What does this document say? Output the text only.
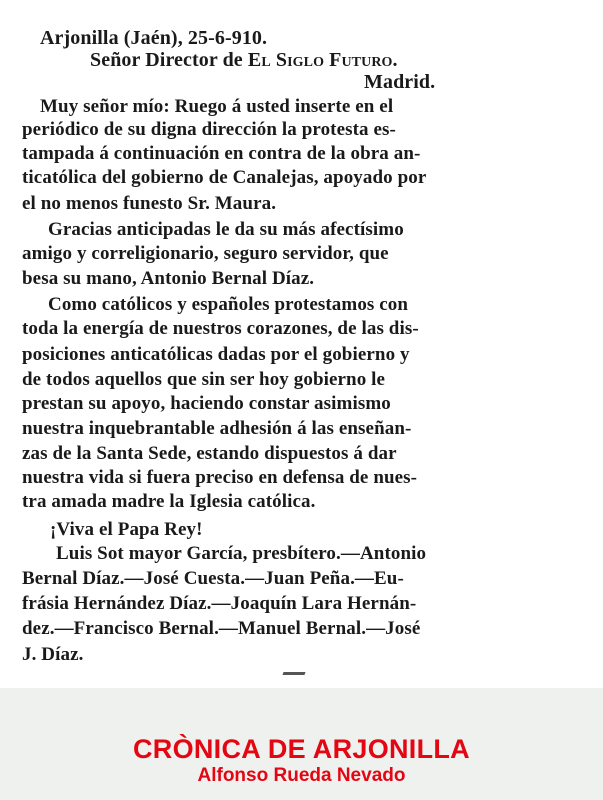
Arjonilla (Jaén), 25-6-910.
Señor Director de El Siglo Futuro.
Madrid.
Muy señor mío: Ruego á usted inserte en el
periódico de su digna dirección la protesta es-
tampada á continuación en contra de la obra an-
ticatólica del gobierno de Canalejas, apoyado por
el no menos funesto Sr. Maura.
Gracias anticipadas le da su más afectísimo
amigo y correligionario, seguro servidor, que
besa su mano, Antonio Bernal Díaz.
Como católicos y españoles protestamos con
toda la energía de nuestros corazones, de las dis-
posiciones anticatólicas dadas por el gobierno y
de todos aquellos que sin ser hoy gobierno le
prestan su apoyo, haciendo constar asimismo
nuestra inquebrantable adhesión á las enseñan-
zas de la Santa Sede, estando dispuestos á dar
nuestra vida si fuera preciso en defensa de nues-
tra amada madre la Iglesia católica.
¡Viva el Papa Rey!
Luis Sot mayor García, presbítero.—Antonio
Bernal Díaz.—José Cuesta.—Juan Peña.—Eu-
frásia Hernández Díaz.—Joaquín Lara Hernán-
dez.—Francisco Bernal.—Manuel Bernal.—José
J. Díaz.
CRÒNICA DE ARJONILLA
Alfonso Rueda Nevado
